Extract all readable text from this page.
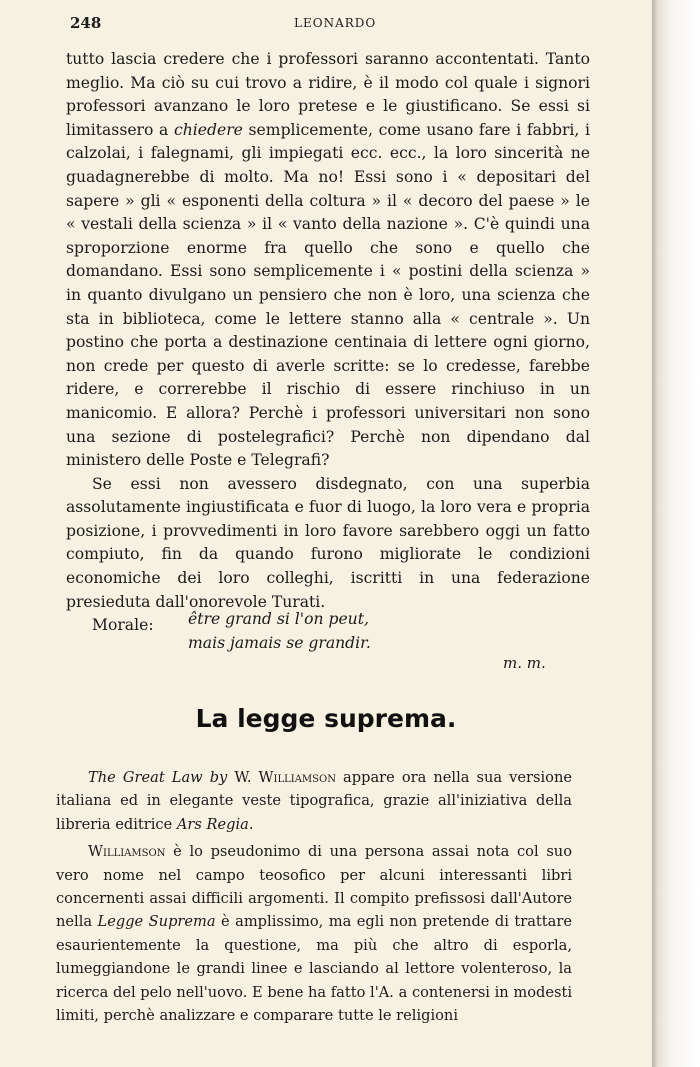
248	LEONARDO

tutto lascia credere che i professori saranno accontentati. Tanto meglio. Ma ciò su cui trovo a ridire, è il modo col quale i signori professori avanzano le loro pretese e le giustificano. Se essi si limitassero a chiedere semplicemente, come usano fare i fabbri, i calzolai, i falegnami, gli impiegati ecc. ecc., la loro sincerità ne guadagnerebbe di molto. Ma no! Essi sono i « depositari del sapere » gli « esponenti della coltura » il « decoro del paese » le « vestali della scienza » il « vanto della nazione ». C'è quindi una sproporzione enorme fra quello che sono e quello che domandano. Essi sono semplicemente i « postini della scienza » in quanto divulgano un pensiero che non è loro, una scienza che sta in biblioteca, come le lettere stanno alla « centrale ». Un postino che porta a destinazione centinaia di lettere ogni giorno, non crede per questo di averle scritte: se lo credesse, farebbe ridere, e correrebbe il rischio di essere rinchiuso in un manicomio. E allora? Perchè i professori universitari non sono una sezione di postelegrafici? Perchè non dipendano dal ministero delle Poste e Telegrafi?

Se essi non avessero disdegnato, con una superbia assolutamente ingiustificata e fuor di luogo, la loro vera e propria posizione, i provvedimenti in loro favore sarebbero oggi un fatto compiuto, fin da quando furono migliorate le condizioni economiche dei loro colleghi, iscritti in una federazione presieduta dall'onorevole Turati.

Morale:	être grand si l'on peut,
mais jamais se grandir.
m. m.
La legge suprema.

The Great Law by W. Williamson appare ora nella sua versione italiana ed in elegante veste tipografica, grazie all'iniziativa della libreria editrice Ars Regia.

Williamson è lo pseudonimo di una persona assai nota col suo vero nome nel campo teosofico per alcuni interessanti libri concernenti assai difficili argomenti. Il compito prefissosi dall'Autore nella Legge Suprema è amplissimo, ma egli non pretende di trattare esaurientemente la questione, ma più che altro di esporla, lumeggiandone le grandi linee e lasciando al lettore volenteroso, la ricerca del pelo nell'uovo. E bene ha fatto l'A. a contenersi in modesti limiti, perchè analizzare e comparare tutte le religioni
